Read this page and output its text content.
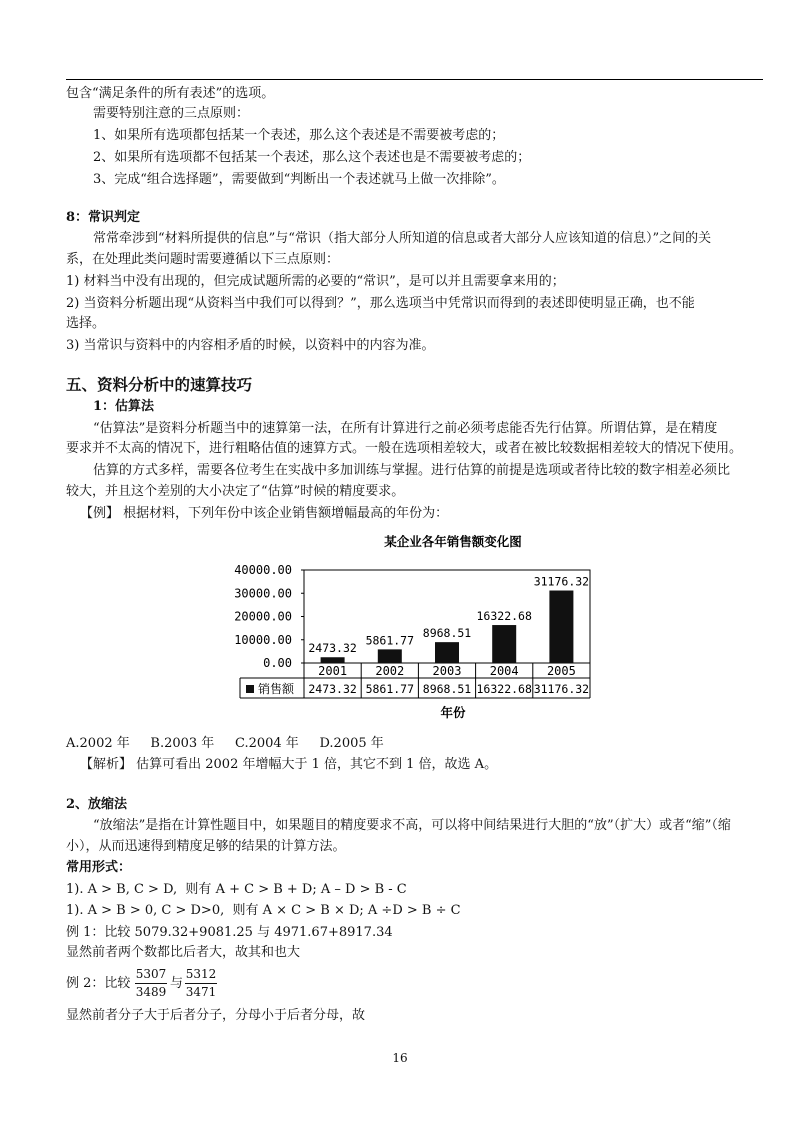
包含“满足条件的所有表述”的选项。
需要特别注意的三点原则：
1、如果所有选项都包括某一个表述，那么这个表述是不需要被考虑的；
2、如果所有选项都不包括某一个表述，那么这个表述也是不需要被考虑的；
3、完成“组合选择题”，需要做到“判断出一个表述就马上做一次排除”。
8：常识判定
常常牵涉到“材料所提供的信息”与“常识（指大部分人所知道的信息或者大部分人应该知道的信息）”之间的关
系，在处理此类问题时需要遵循以下三点原则：
1) 材料当中没有出现的，但完成试题所需的必要的“常识”，是可以并且需要拿来用的；
2) 当资料分析题出现“从资料当中我们可以得到？”，那么选项当中凭常识而得到的表述即使明显正确，也不能
选择。
3) 当常识与资料中的内容相矛盾的时候，以资料中的内容为准。
五、资料分析中的速算技巧
1：估算法
“估算法”是资料分析题当中的速算第一法，在所有计算进行之前必须考虑能否先行估算。所谓估算，是在精度
要求并不太高的情况下，进行粗略估值的速算方式。一般在选项相差较大，或者在被比较数据相差较大的情况下使用。
估算的方式多样，需要各位考生在实战中多加训练与掌握。进行估算的前提是选项或者待比较的数字相差必须比
较大，并且这个差别的大小决定了“估算”时候的精度要求。
【例】 根据材料，下列年份中该企业销售额增幅最高的年份为：
某企业各年销售额变化图
0.00
10000.00
20000.00
30000.00
40000.00
2473.32
5861.77
8968.51
16322.68
31176.32
2001
2473.32
2002
5861.77
2003
8968.51
2004
16322.68
2005
31176.32
销售额
年份
A.2002 年     B.2003 年     C.2004 年     D.2005 年
【解析】 估算可看出 2002 年增幅大于 1 倍，其它不到 1 倍，故选 A。
2、放缩法
“放缩法”是指在计算性题目中，如果题目的精度要求不高，可以将中间结果进行大胆的“放”（扩大）或者“缩”（缩
小），从而迅速得到精度足够的结果的计算方法。
常用形式：
1). A > B, C > D,  则有 A + C > B + D; A – D > B - C
1). A > B > 0, C > D>0,  则有 A × C > B × D; A ÷D > B ÷ C
例 1：比较 5079.32+9081.25 与 4971.67+8917.34
显然前者两个数都比后者大，故其和也大
例 2：比较
5307
3489
与
5312
3471
显然前者分子大于后者分子，分母小于后者分母，故
16
